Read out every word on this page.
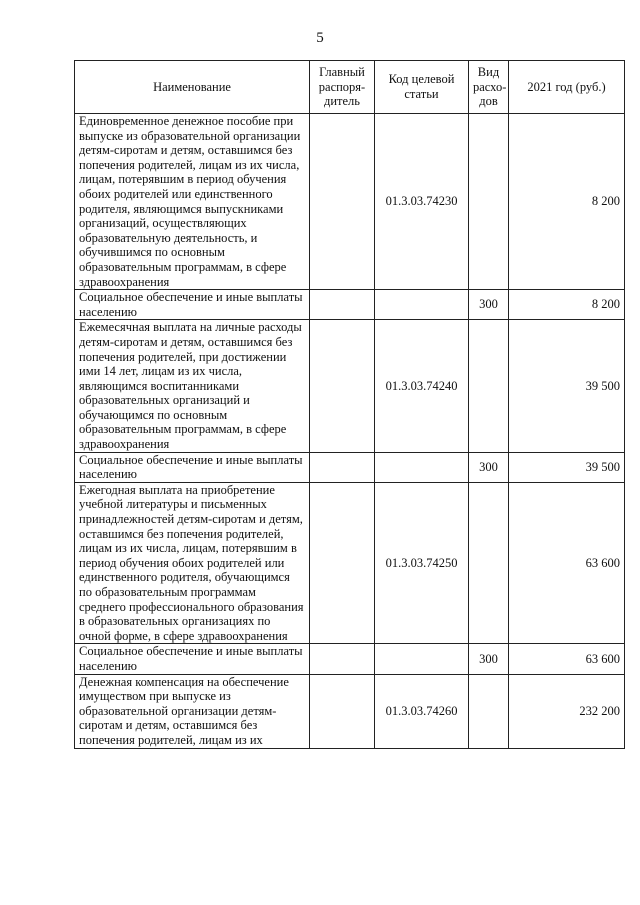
5
Наименование	Главный распоря-дитель	Код целевой статьи	Вид расхо-дов	2021 год (руб.)
Единовременное денежное пособие при выпуске из образовательной организации детям-сиротам и детям, оставшимся без попечения родителей, лицам из их числа, лицам, потерявшим в период обучения обоих родителей или единственного родителя, являющимся выпускниками организаций, осуществляющих образовательную деятельность, и обучившимся по основным образовательным программам, в сфере здравоохранения		01.3.03.74230		8 200
Социальное обеспечение и иные выплаты населению			300	8 200
Ежемесячная выплата на личные расходы детям-сиротам и детям, оставшимся без попечения родителей, при достижении ими 14 лет, лицам из их числа, являющимся воспитанниками образовательных организаций и обучающимся по основным образовательным программам, в сфере здравоохранения		01.3.03.74240		39 500
Социальное обеспечение и иные выплаты населению			300	39 500
Ежегодная выплата на приобретение учебной литературы и письменных принадлежностей детям-сиротам и детям, оставшимся без попечения родителей, лицам из их числа, лицам, потерявшим в период обучения обоих родителей или единственного родителя, обучающимся по образовательным программам среднего профессионального образования в образовательных организациях по очной форме, в сфере здравоохранения		01.3.03.74250		63 600
Социальное обеспечение и иные выплаты населению			300	63 600
Денежная компенсация на обеспечение имуществом при выпуске из образовательной организации детям-сиротам и детям, оставшимся без попечения родителей, лицам из их		01.3.03.74260		232 200
